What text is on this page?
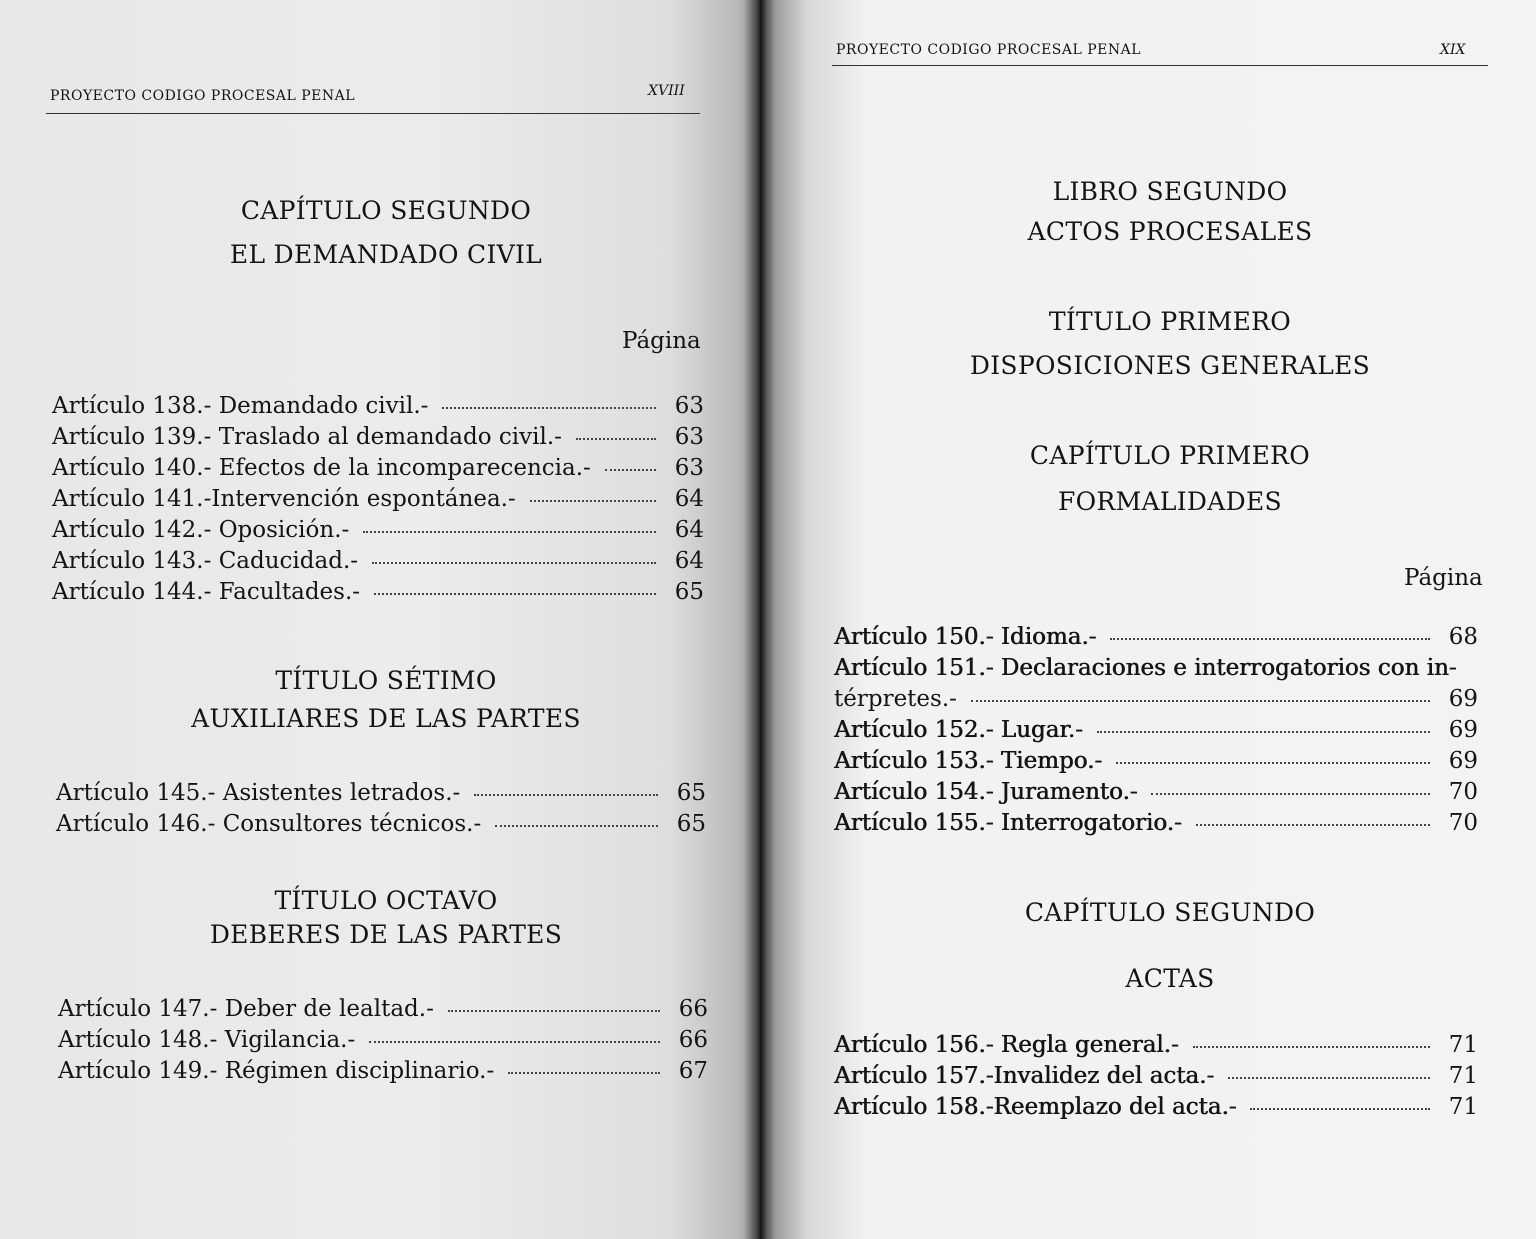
PROYECTO CODIGO PROCESAL PENAL	XVIII
CAPÍTULO SEGUNDO
EL DEMANDADO CIVIL
Página
Artículo 138.- Demandado civil.-	63
Artículo 139.- Traslado al demandado civil.-	63
Artículo 140.- Efectos de la incomparecencia.-	63
Artículo 141.-Intervención espontánea.-	64
Artículo 142.- Oposición.-	64
Artículo 143.- Caducidad.-	64
Artículo 144.- Facultades.-	65
TÍTULO SÉTIMO
AUXILIARES DE LAS PARTES
Artículo 145.- Asistentes letrados.-	65
Artículo 146.- Consultores técnicos.-	65
TÍTULO OCTAVO
DEBERES DE LAS PARTES
Artículo 147.- Deber de lealtad.-	66
Artículo 148.- Vigilancia.-	66
Artículo 149.- Régimen disciplinario.-	67
PROYECTO CODIGO PROCESAL PENAL	XIX
LIBRO SEGUNDO
ACTOS PROCESALES
TÍTULO PRIMERO
DISPOSICIONES GENERALES
CAPÍTULO PRIMERO
FORMALIDADES
Página
Artículo 150.- Idioma.-	68
Artículo 151.- Declaraciones e interrogatorios con in-
térpretes.-	69
Artículo 152.- Lugar.-	69
Artículo 153.- Tiempo.-	69
Artículo 154.- Juramento.-	70
Artículo 155.- Interrogatorio.-	70
CAPÍTULO SEGUNDO
ACTAS
Artículo 156.- Regla general.-	71
Artículo 157.-Invalidez del acta.-	71
Artículo 158.-Reemplazo del acta.-	71
